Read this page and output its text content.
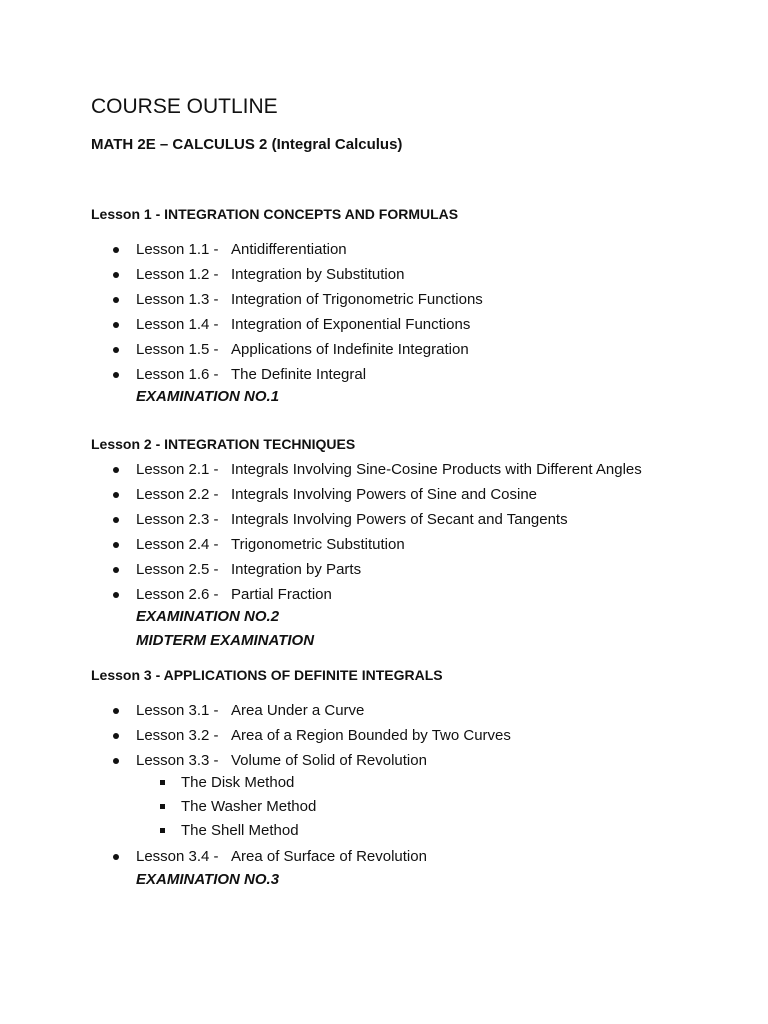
COURSE OUTLINE
MATH 2E – CALCULUS 2 (Integral Calculus)
Lesson 1 - INTEGRATION CONCEPTS AND FORMULAS
Lesson 1.1 - Antidifferentiation
Lesson 1.2 - Integration by Substitution
Lesson 1.3 - Integration of Trigonometric Functions
Lesson 1.4 - Integration of Exponential Functions
Lesson 1.5 - Applications of Indefinite Integration
Lesson 1.6 - The Definite Integral
EXAMINATION NO.1
Lesson 2 - INTEGRATION TECHNIQUES
Lesson 2.1 - Integrals Involving Sine-Cosine Products with Different Angles
Lesson 2.2 - Integrals Involving Powers of Sine and Cosine
Lesson 2.3 - Integrals Involving Powers of Secant and Tangents
Lesson 2.4 - Trigonometric Substitution
Lesson 2.5 - Integration by Parts
Lesson 2.6 - Partial Fraction
EXAMINATION NO.2
MIDTERM EXAMINATION
Lesson 3 - APPLICATIONS OF DEFINITE INTEGRALS
Lesson 3.1 - Area Under a Curve
Lesson 3.2 - Area of a Region Bounded by Two Curves
Lesson 3.3 - Volume of Solid of Revolution
The Disk Method
The Washer Method
The Shell Method
Lesson 3.4 - Area of Surface of Revolution
EXAMINATION NO.3
